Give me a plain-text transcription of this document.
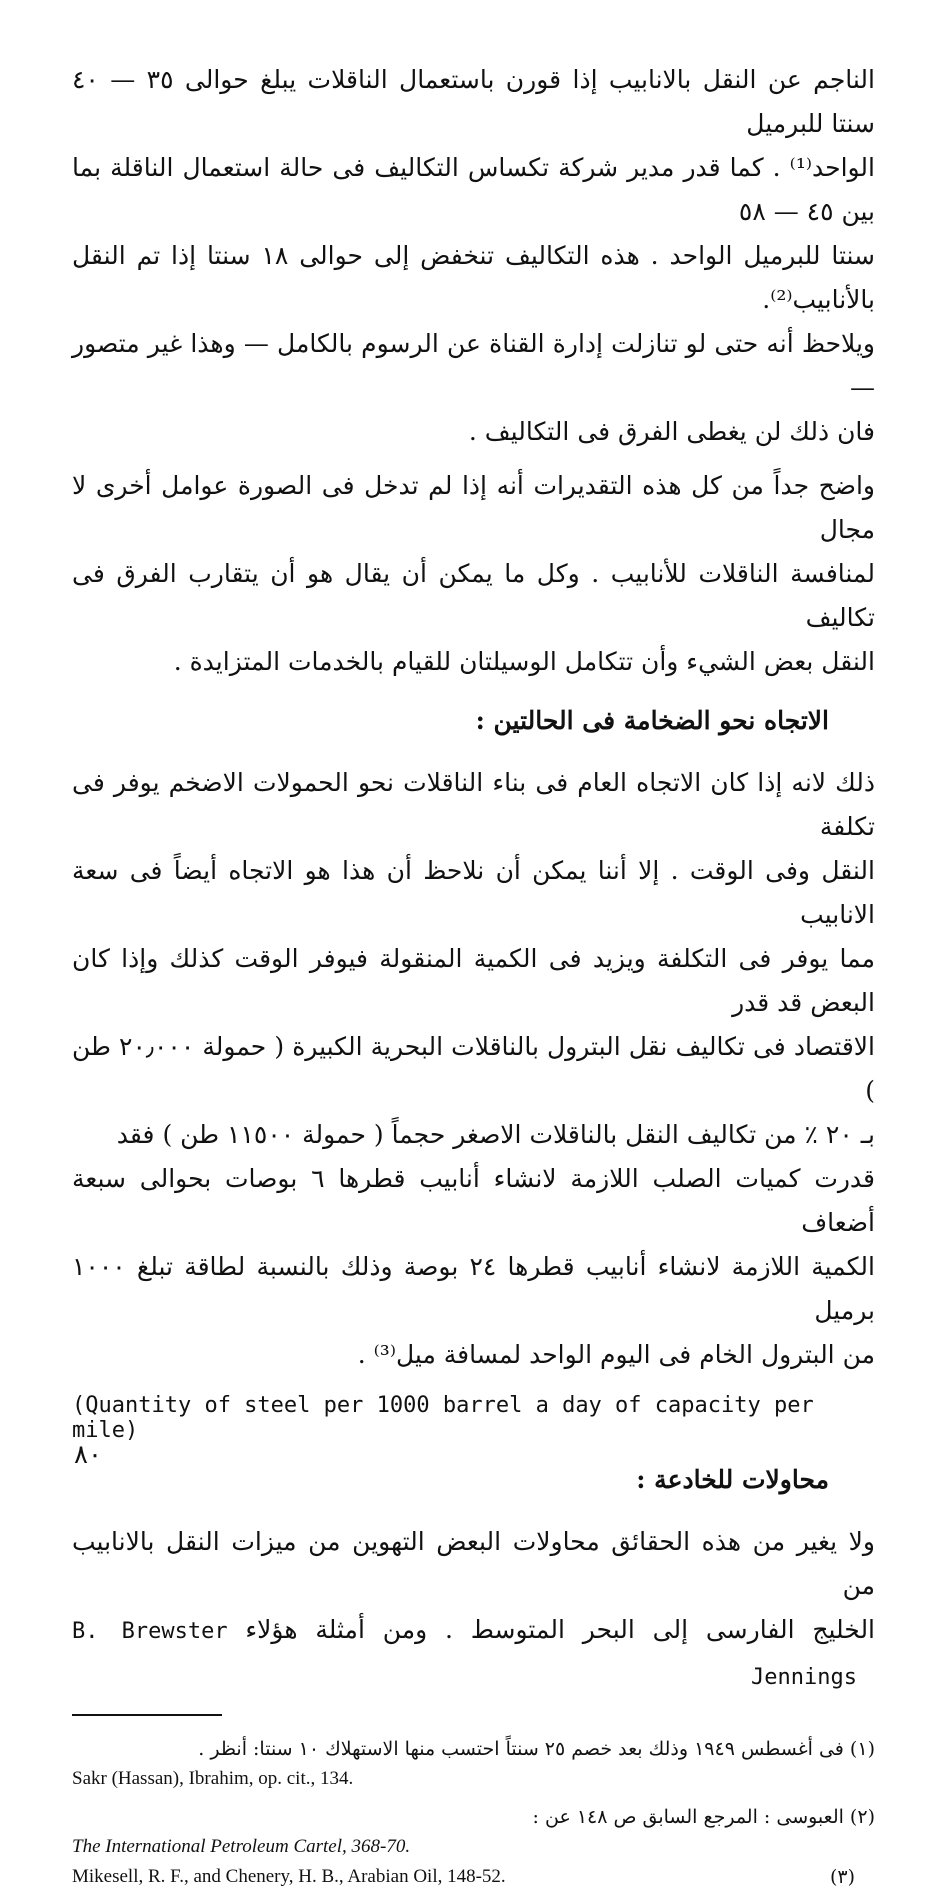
الناجم عن النقل بالانابيب إذا قورن باستعمال الناقلات يبلغ حوالى ٣٥ — ٤٠ سنتا للبرميل

الواحد⁽¹⁾ . كما قدر مدير شركة تكساس التكاليف فى حالة استعمال الناقلة بما بين ٤٥ — ٥٨

سنتا للبرميل الواحد . هذه التكاليف تنخفض إلى حوالى ١٨ سنتا إذا تم النقل بالأنابيب⁽²⁾.

ويلاحظ أنه حتى لو تنازلت إدارة القناة عن الرسوم بالكامل — وهذا غير متصور —

فان ذلك لن يغطى الفرق فى التكاليف .

واضح جداً من كل هذه التقديرات أنه إذا لم تدخل فى الصورة عوامل أخرى لا مجال

لمنافسة الناقلات للأنابيب . وكل ما يمكن أن يقال هو أن يتقارب الفرق فى تكاليف

النقل بعض الشيء وأن تتكامل الوسيلتان للقيام بالخدمات المتزايدة .

الاتجاه نحو الضخامة فى الحالتين :

ذلك لانه إذا كان الاتجاه العام فى بناء الناقلات نحو الحمولات الاضخم يوفر فى تكلفة

النقل وفى الوقت . إلا أننا يمكن أن نلاحظ أن هذا هو الاتجاه أيضاً فى سعة الانابيب

مما يوفر فى التكلفة ويزيد فى الكمية المنقولة فيوفر الوقت كذلك وإذا كان البعض قد قدر

الاقتصاد فى تكاليف نقل البترول بالناقلات البحرية الكبيرة ( حمولة ٢٠٫٠٠٠ طن )

بـ ٢٠ ٪ من تكاليف النقل بالناقلات الاصغر حجماً ( حمولة ١١٥٠٠ طن ) فقد

قدرت كميات الصلب اللازمة لانشاء أنابيب قطرها ٦ بوصات بحوالى سبعة أضعاف

الكمية اللازمة لانشاء أنابيب قطرها ٢٤ بوصة وذلك بالنسبة لطاقة تبلغ ١٠٠٠ برميل

من البترول الخام فى اليوم الواحد لمسافة ميل⁽³⁾ .

(Quantity of steel per 1000 barrel a day of capacity per mile)
محاولات للخادعة :

ولا يغير من هذه الحقائق محاولات البعض التهوين من ميزات النقل بالانابيب من

الخليج الفارسى إلى البحر المتوسط . ومن أمثلة هؤلاء B. Brewster Jennings

(١) فى أغسطس ١٩٤٩ وذلك بعد خصم ٢٥ سنتاً احتسب منها الاستهلاك ١٠ سنتا: أنظر .
Sakr (Hassan), Ibrahim, op. cit., 134.
(٢) العبوسى : المرجع السابق ص ١٤٨ عن :
The International Petroleum Cartel, 368-70.
Mikesell, R. F., and Chenery, H. B., Arabian Oil, 148-52.	(٣)
٨٠
